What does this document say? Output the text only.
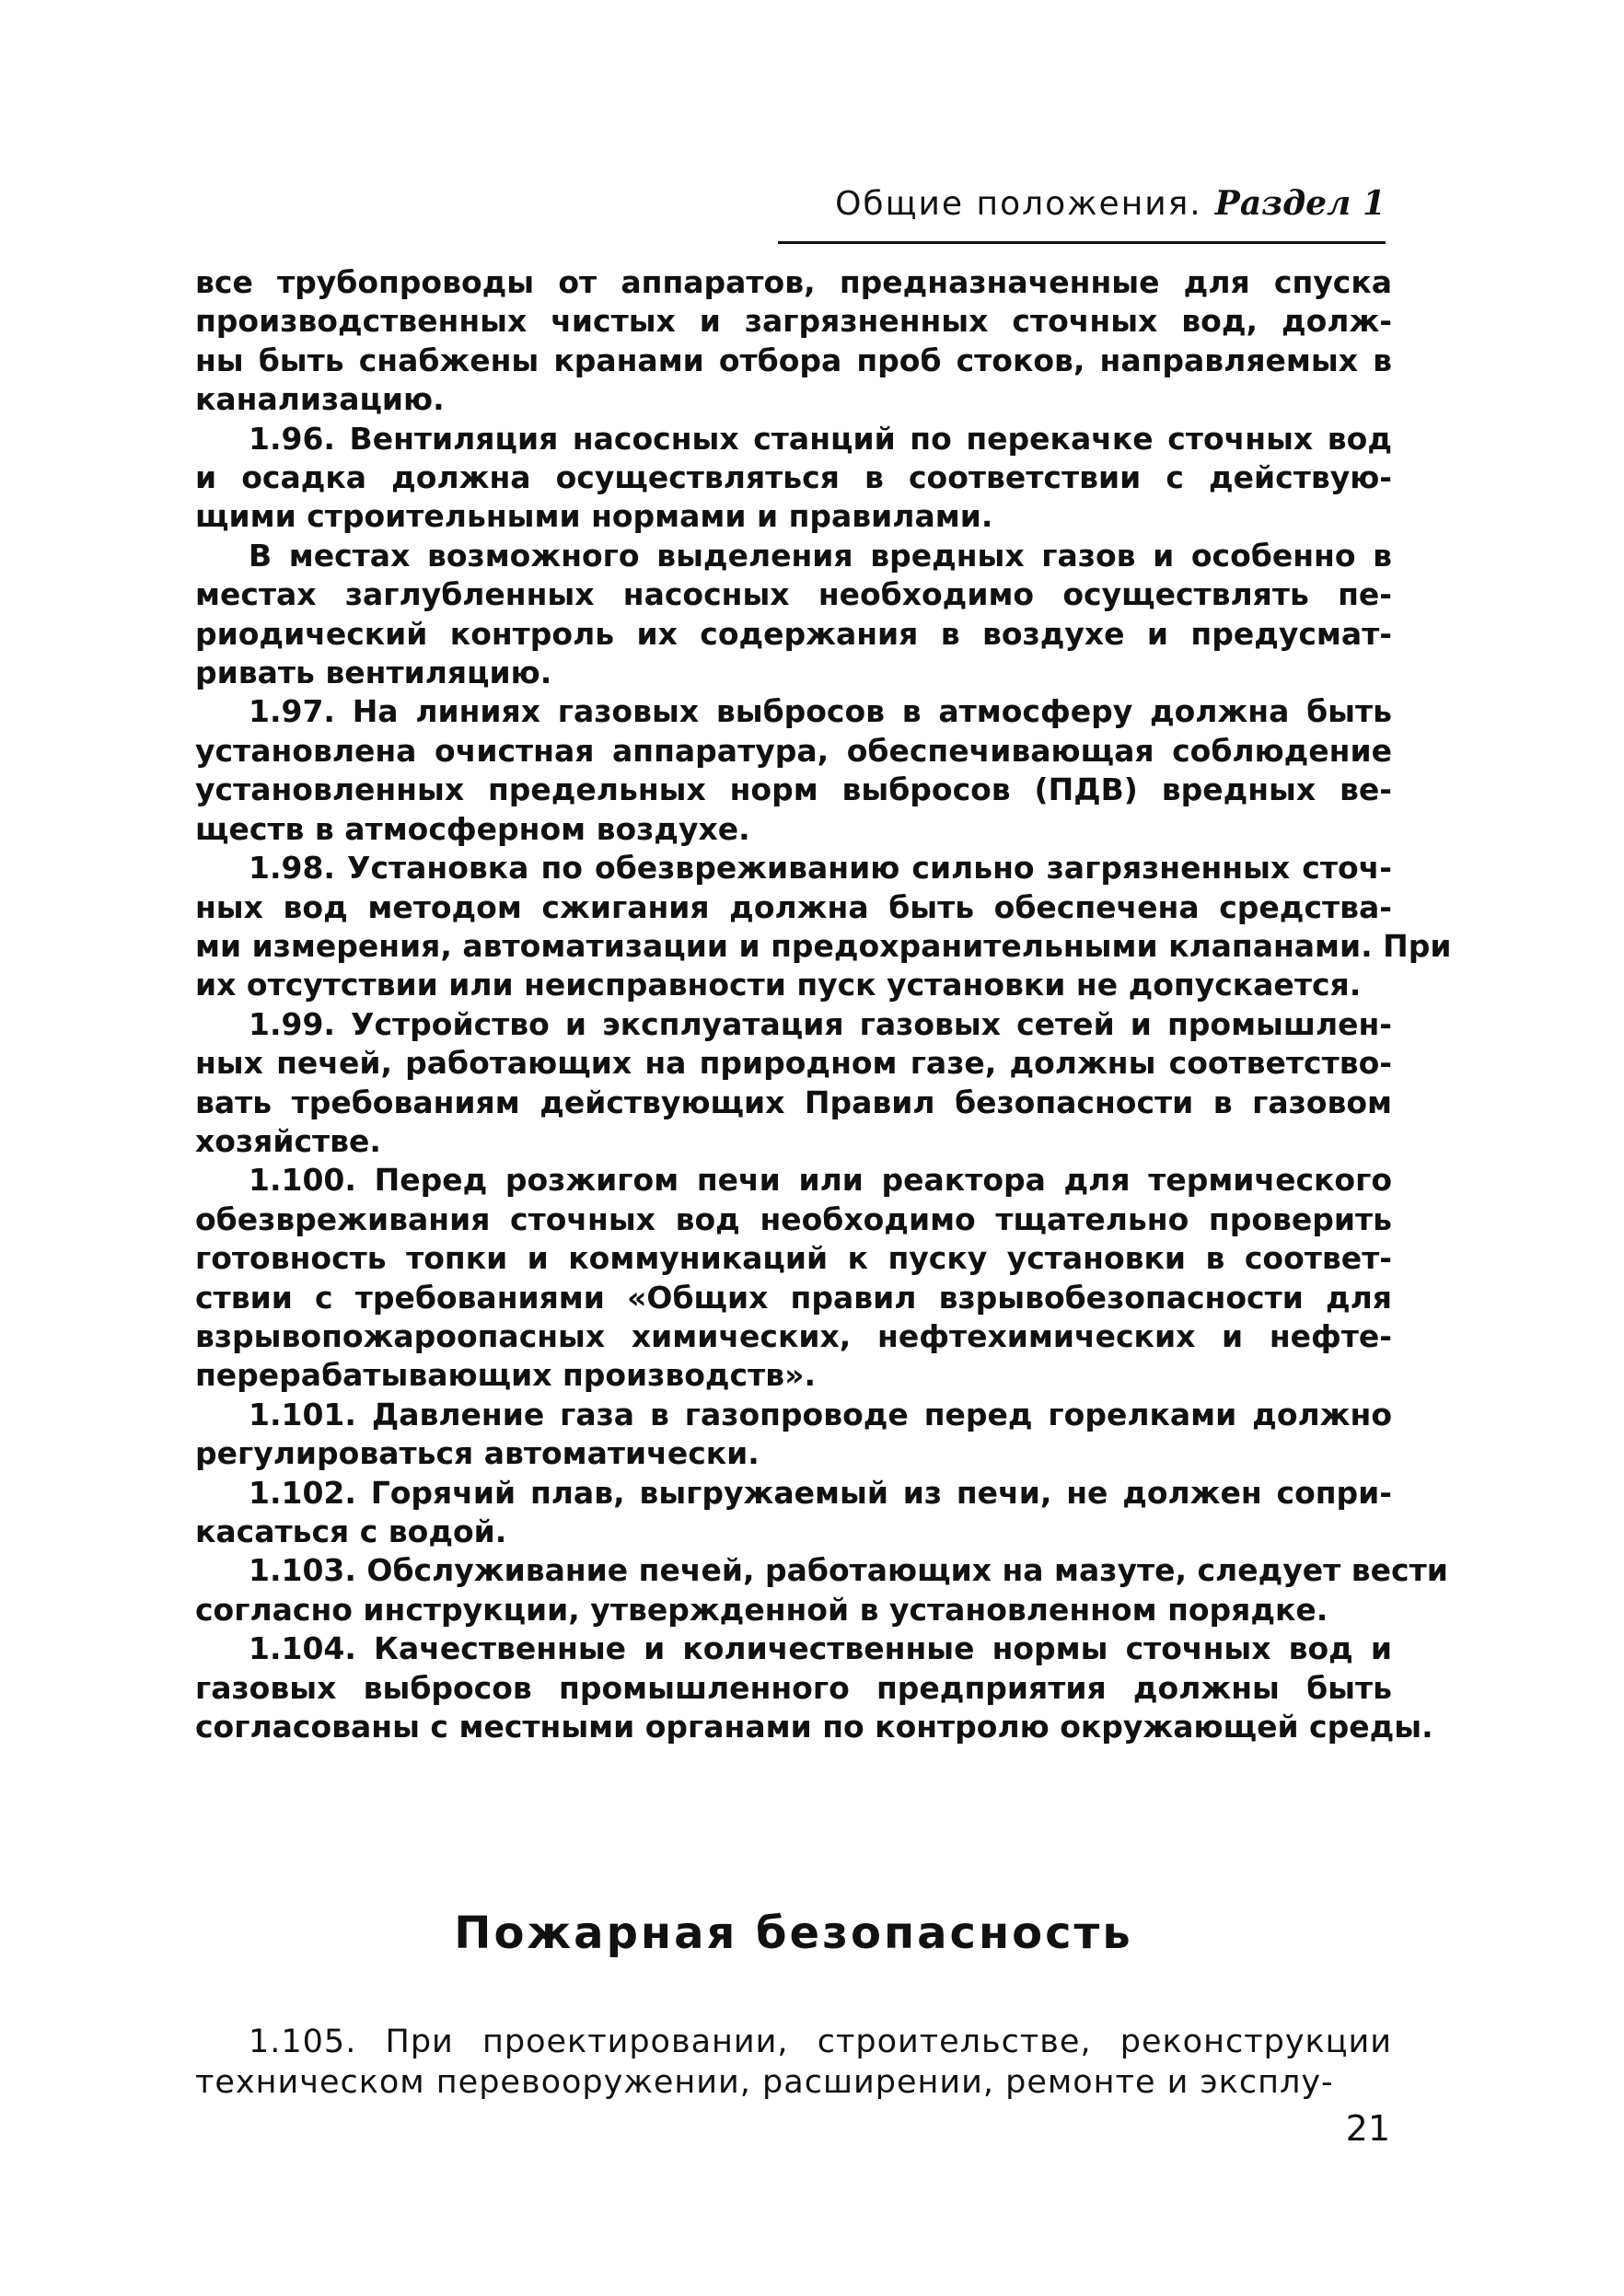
Общие положения. Раздел 1

все трубопроводы от аппаратов, предназначенные для спуска
производственных чистых и загрязненных сточных вод, долж-
ны быть снабжены кранами отбора проб стоков, направляемых в
канализацию.

1.96. Вентиляция насосных станций по перекачке сточных вод
и осадка должна осуществляться в соответствии с действую-
щими строительными нормами и правилами.

В местах возможного выделения вредных газов и особенно в
местах заглубленных насосных необходимо осуществлять пе-
риодический контроль их содержания в воздухе и предусмат-
ривать вентиляцию.

1.97. На линиях газовых выбросов в атмосферу должна быть
установлена очистная аппаратура, обеспечивающая соблюдение
установленных предельных норм выбросов (ПДВ) вредных ве-
ществ в атмосферном воздухе.

1.98. Установка по обезвреживанию сильно загрязненных сточ-
ных вод методом сжигания должна быть обеспечена средства-
ми измерения, автоматизации и предохранительными клапанами. При
их отсутствии или неисправности пуск установки не допускается.

1.99. Устройство и эксплуатация газовых сетей и промышлен-
ных печей, работающих на природном газе, должны соответство-
вать требованиям действующих Правил безопасности в газовом
хозяйстве.

1.100. Перед розжигом печи или реактора для термического
обезвреживания сточных вод необходимо тщательно проверить
готовность топки и коммуникаций к пуску установки в соответ-
ствии с требованиями «Общих правил взрывобезопасности для
взрывопожароопасных химических, нефтехимических и нефте-
перерабатывающих производств».

1.101. Давление газа в газопроводе перед горелками должно
регулироваться автоматически.

1.102. Горячий плав, выгружаемый из печи, не должен сопри-
касаться с водой.

1.103. Обслуживание печей, работающих на мазуте, следует вести
согласно инструкции, утвержденной в установленном порядке.

1.104. Качественные и количественные нормы сточных вод и
газовых выбросов промышленного предприятия должны быть
согласованы с местными органами по контролю окружающей среды.

Пожарная безопасность

1.105. При проектировании, строительстве, реконструкции
техническом перевооружении, расширении, ремонте и эксплу-

21
